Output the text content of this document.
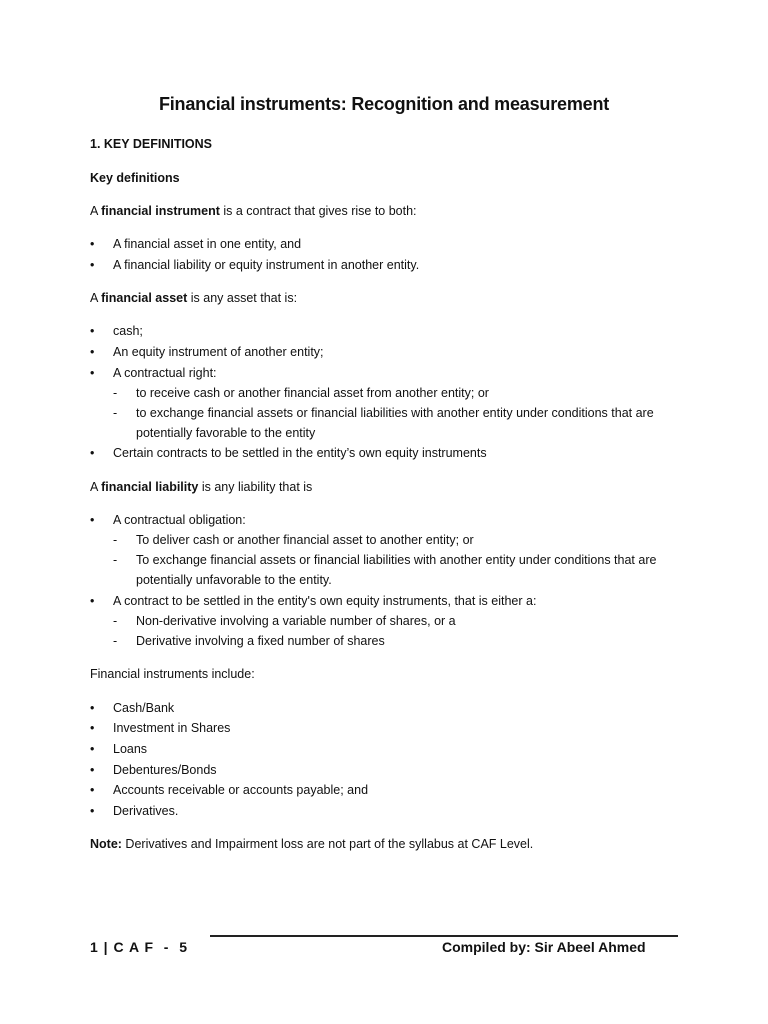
Financial instruments: Recognition and measurement
1. KEY DEFINITIONS
Key definitions
A financial instrument is a contract that gives rise to both:
• A financial asset in one entity, and
• A financial liability or equity instrument in another entity.
A financial asset is any asset that is:
• cash;
• An equity instrument of another entity;
• A contractual right:
- to receive cash or another financial asset from another entity; or
- to exchange financial assets or financial liabilities with another entity under conditions that are
potentially favorable to the entity
• Certain contracts to be settled in the entity’s own equity instruments
A financial liability is any liability that is
• A contractual obligation:
- To deliver cash or another financial asset to another entity; or
- To exchange financial assets or financial liabilities with another entity under conditions that are
potentially unfavorable to the entity.
• A contract to be settled in the entity's own equity instruments, that is either a:
- Non-derivative involving a variable number of shares, or a
- Derivative involving a fixed number of shares
Financial instruments include:
• Cash/Bank
• Investment in Shares
• Loans
• Debentures/Bonds
• Accounts receivable or accounts payable; and
• Derivatives.
Note: Derivatives and Impairment loss are not part of the syllabus at CAF Level.
1 | C A F  -  5	Compiled by: Sir Abeel Ahmed
